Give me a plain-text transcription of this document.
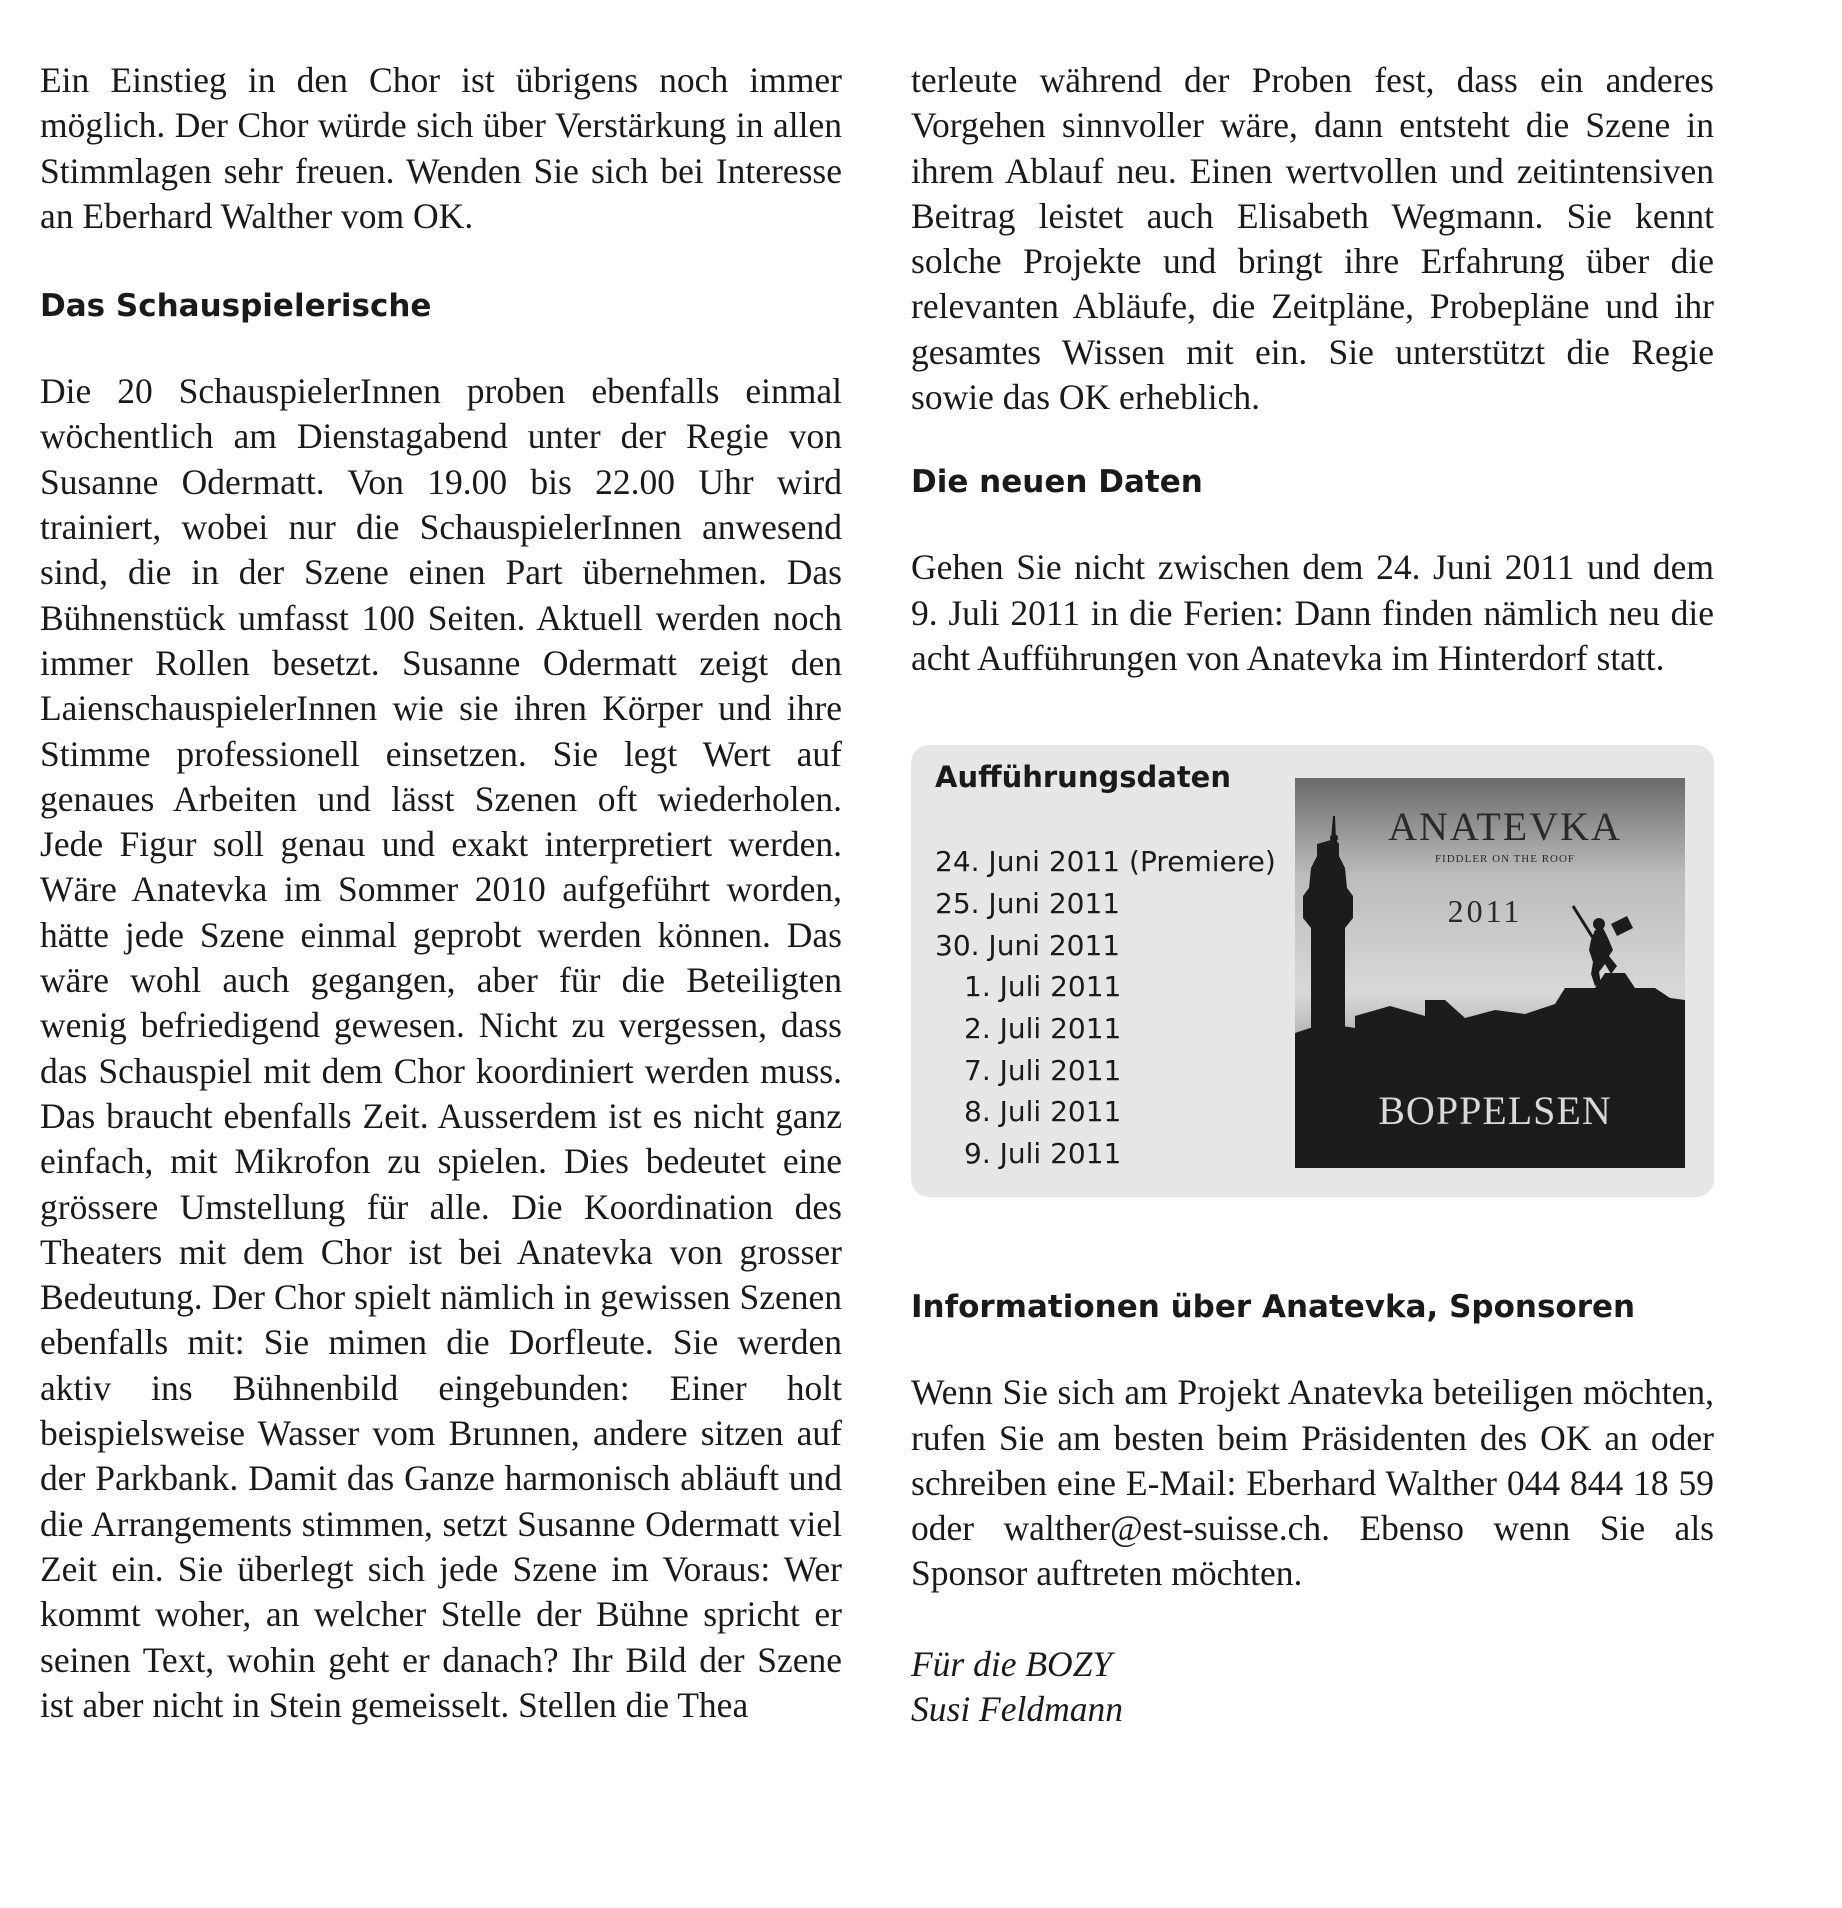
Ein Einstieg in den Chor ist übrigens noch immer möglich. Der Chor würde sich über Verstärkung in allen Stimmlagen sehr freuen. Wenden Sie sich bei Interesse an Eberhard Walther vom OK.

Das Schauspielerische

Die 20 SchauspielerInnen proben ebenfalls einmal wöchentlich am Dienstagabend unter der Regie von Susanne Odermatt. Von 19.00 bis 22.00 Uhr wird trainiert, wobei nur die SchauspielerInnen anwesend sind, die in der Szene einen Part übernehmen. Das Bühnenstück umfasst 100 Seiten. Aktuell werden noch immer Rollen besetzt. Susanne Odermatt zeigt den LaienschauspielerInnen wie sie ihren Körper und ihre Stimme professionell einsetzen. Sie legt Wert auf genaues Arbeiten und lässt Szenen oft wiederholen. Jede Figur soll genau und exakt interpretiert werden. Wäre Anatevka im Sommer 2010 aufgeführt worden, hätte jede Szene einmal geprobt werden können. Das wäre wohl auch gegangen, aber für die Beteiligten wenig befriedigend gewesen. Nicht zu vergessen, dass das Schauspiel mit dem Chor koordiniert werden muss. Das braucht ebenfalls Zeit. Ausserdem ist es nicht ganz einfach, mit Mikrofon zu spielen. Dies bedeutet eine grössere Umstellung für alle. Die Koordination des Theaters mit dem Chor ist bei Anatevka von grosser Bedeutung. Der Chor spielt nämlich in gewissen Szenen ebenfalls mit: Sie mimen die Dorfleute. Sie werden aktiv ins Bühnenbild eingebunden: Einer holt beispielsweise Wasser vom Brunnen, andere sitzen auf der Parkbank. Damit das Ganze harmonisch abläuft und die Arrangements stimmen, setzt Susanne Odermatt viel Zeit ein. Sie überlegt sich jede Szene im Voraus: Wer kommt woher, an welcher Stelle der Bühne spricht er seinen Text, wohin geht er danach? Ihr Bild der Szene ist aber nicht in Stein gemeisselt. Stellen die Thea

terleute während der Proben fest, dass ein anderes Vorgehen sinnvoller wäre, dann entsteht die Szene in ihrem Ablauf neu. Einen wertvollen und zeitintensiven Beitrag leistet auch Elisabeth Wegmann. Sie kennt solche Projekte und bringt ihre Erfahrung über die relevanten Abläufe, die Zeitpläne, Probepläne und ihr gesamtes Wissen mit ein. Sie unterstützt die Regie sowie das OK erheblich.

Die neuen Daten

Gehen Sie nicht zwischen dem 24. Juni 2011 und dem 9. Juli 2011 in die Ferien: Dann finden nämlich neu die acht Aufführungen von Anatevka im Hinterdorf statt.

Aufführungsdaten
24. Juni 2011 (Premiere)
25. Juni 2011
30. Juni 2011
1. Juli 2011
2. Juli 2011
7. Juli 2011
8. Juli 2011
9. Juli 2011
ANATEVKA
FIDDLER ON THE ROOF
2011
BOPPELSEN
Informationen über Anatevka, Sponsoren

Wenn Sie sich am Projekt Anatevka beteiligen möchten, rufen Sie am besten beim Präsidenten des OK an oder schreiben eine E-Mail: Eberhard Walther 044 844 18 59 oder walther@est-suisse.ch. Ebenso wenn Sie als Sponsor auftreten möchten.

Für die BOZY

Susi Feldmann
